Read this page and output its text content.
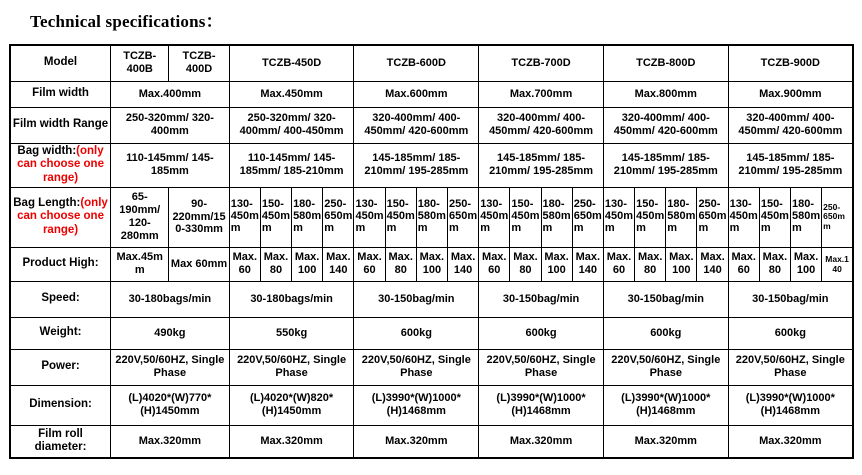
Technical specifications：
Model	TCZB-400B	TCZB-400D	TCZB-450D				TCZB-600D				TCZB-700D				TCZB-800D				TCZB-900D			
Film width	Max.400mm		Max.450mm				Max.600mm				Max.700mm				Max.800mm				Max.900mm			
Film width Range	250-320mm/ 320-400mm		250-320mm/ 320-400mm/ 400-450mm				320-400mm/ 400-450mm/ 420-600mm				320-400mm/ 400-450mm/ 420-600mm				320-400mm/ 400-450mm/ 420-600mm				320-400mm/ 400-450mm/ 420-600mm			
Bag width:(only can choose one range)	110-145mm/ 145-185mm		110-145mm/ 145-185mm/ 185-210mm				145-185mm/ 185-210mm/ 195-285mm				145-185mm/ 185-210mm/ 195-285mm				145-185mm/ 185-210mm/ 195-285mm				145-185mm/ 185-210mm/ 195-285mm			
Bag Length:(only can choose one range)	65-190mm/ 120-280mm	90-220mm/150-330mm	130-450mm	150-450mm	180-580mm	250-650mm	130-450mm	150-450mm	180-580mm	250-650mm	130-450mm	150-450mm	180-580mm	250-650mm	130-450mm	150-450mm	180-580mm	250-650mm	130-450mm	150-450mm	180-580mm	250-650mm
Product High:	Max.45mm	Max 60mm	Max. 60	Max. 80	Max. 100	Max. 140	Max. 60	Max. 80	Max. 100	Max. 140	Max. 60	Max. 80	Max. 100	Max. 140	Max. 60	Max. 80	Max. 100	Max. 140	Max. 60	Max. 80	Max. 100	Max.140
Speed:	30-180bags/min		30-180bags/min				30-150bag/min				30-150bag/min				30-150bag/min				30-150bag/min			
Weight:	490kg		550kg				600kg				600kg				600kg				600kg			
Power:	220V,50/60HZ, Single Phase		220V,50/60HZ, Single Phase				220V,50/60HZ, Single Phase				220V,50/60HZ, Single Phase				220V,50/60HZ, Single Phase				220V,50/60HZ, Single Phase			
Dimension:	(L)4020*(W)770*(H)1450mm		(L)4020*(W)820*(H)1450mm				(L)3990*(W)1000*(H)1468mm				(L)3990*(W)1000*(H)1468mm				(L)3990*(W)1000*(H)1468mm				(L)3990*(W)1000*(H)1468mm			
Film roll diameter:	Max.320mm		Max.320mm				Max.320mm				Max.320mm				Max.320mm				Max.320mm			
